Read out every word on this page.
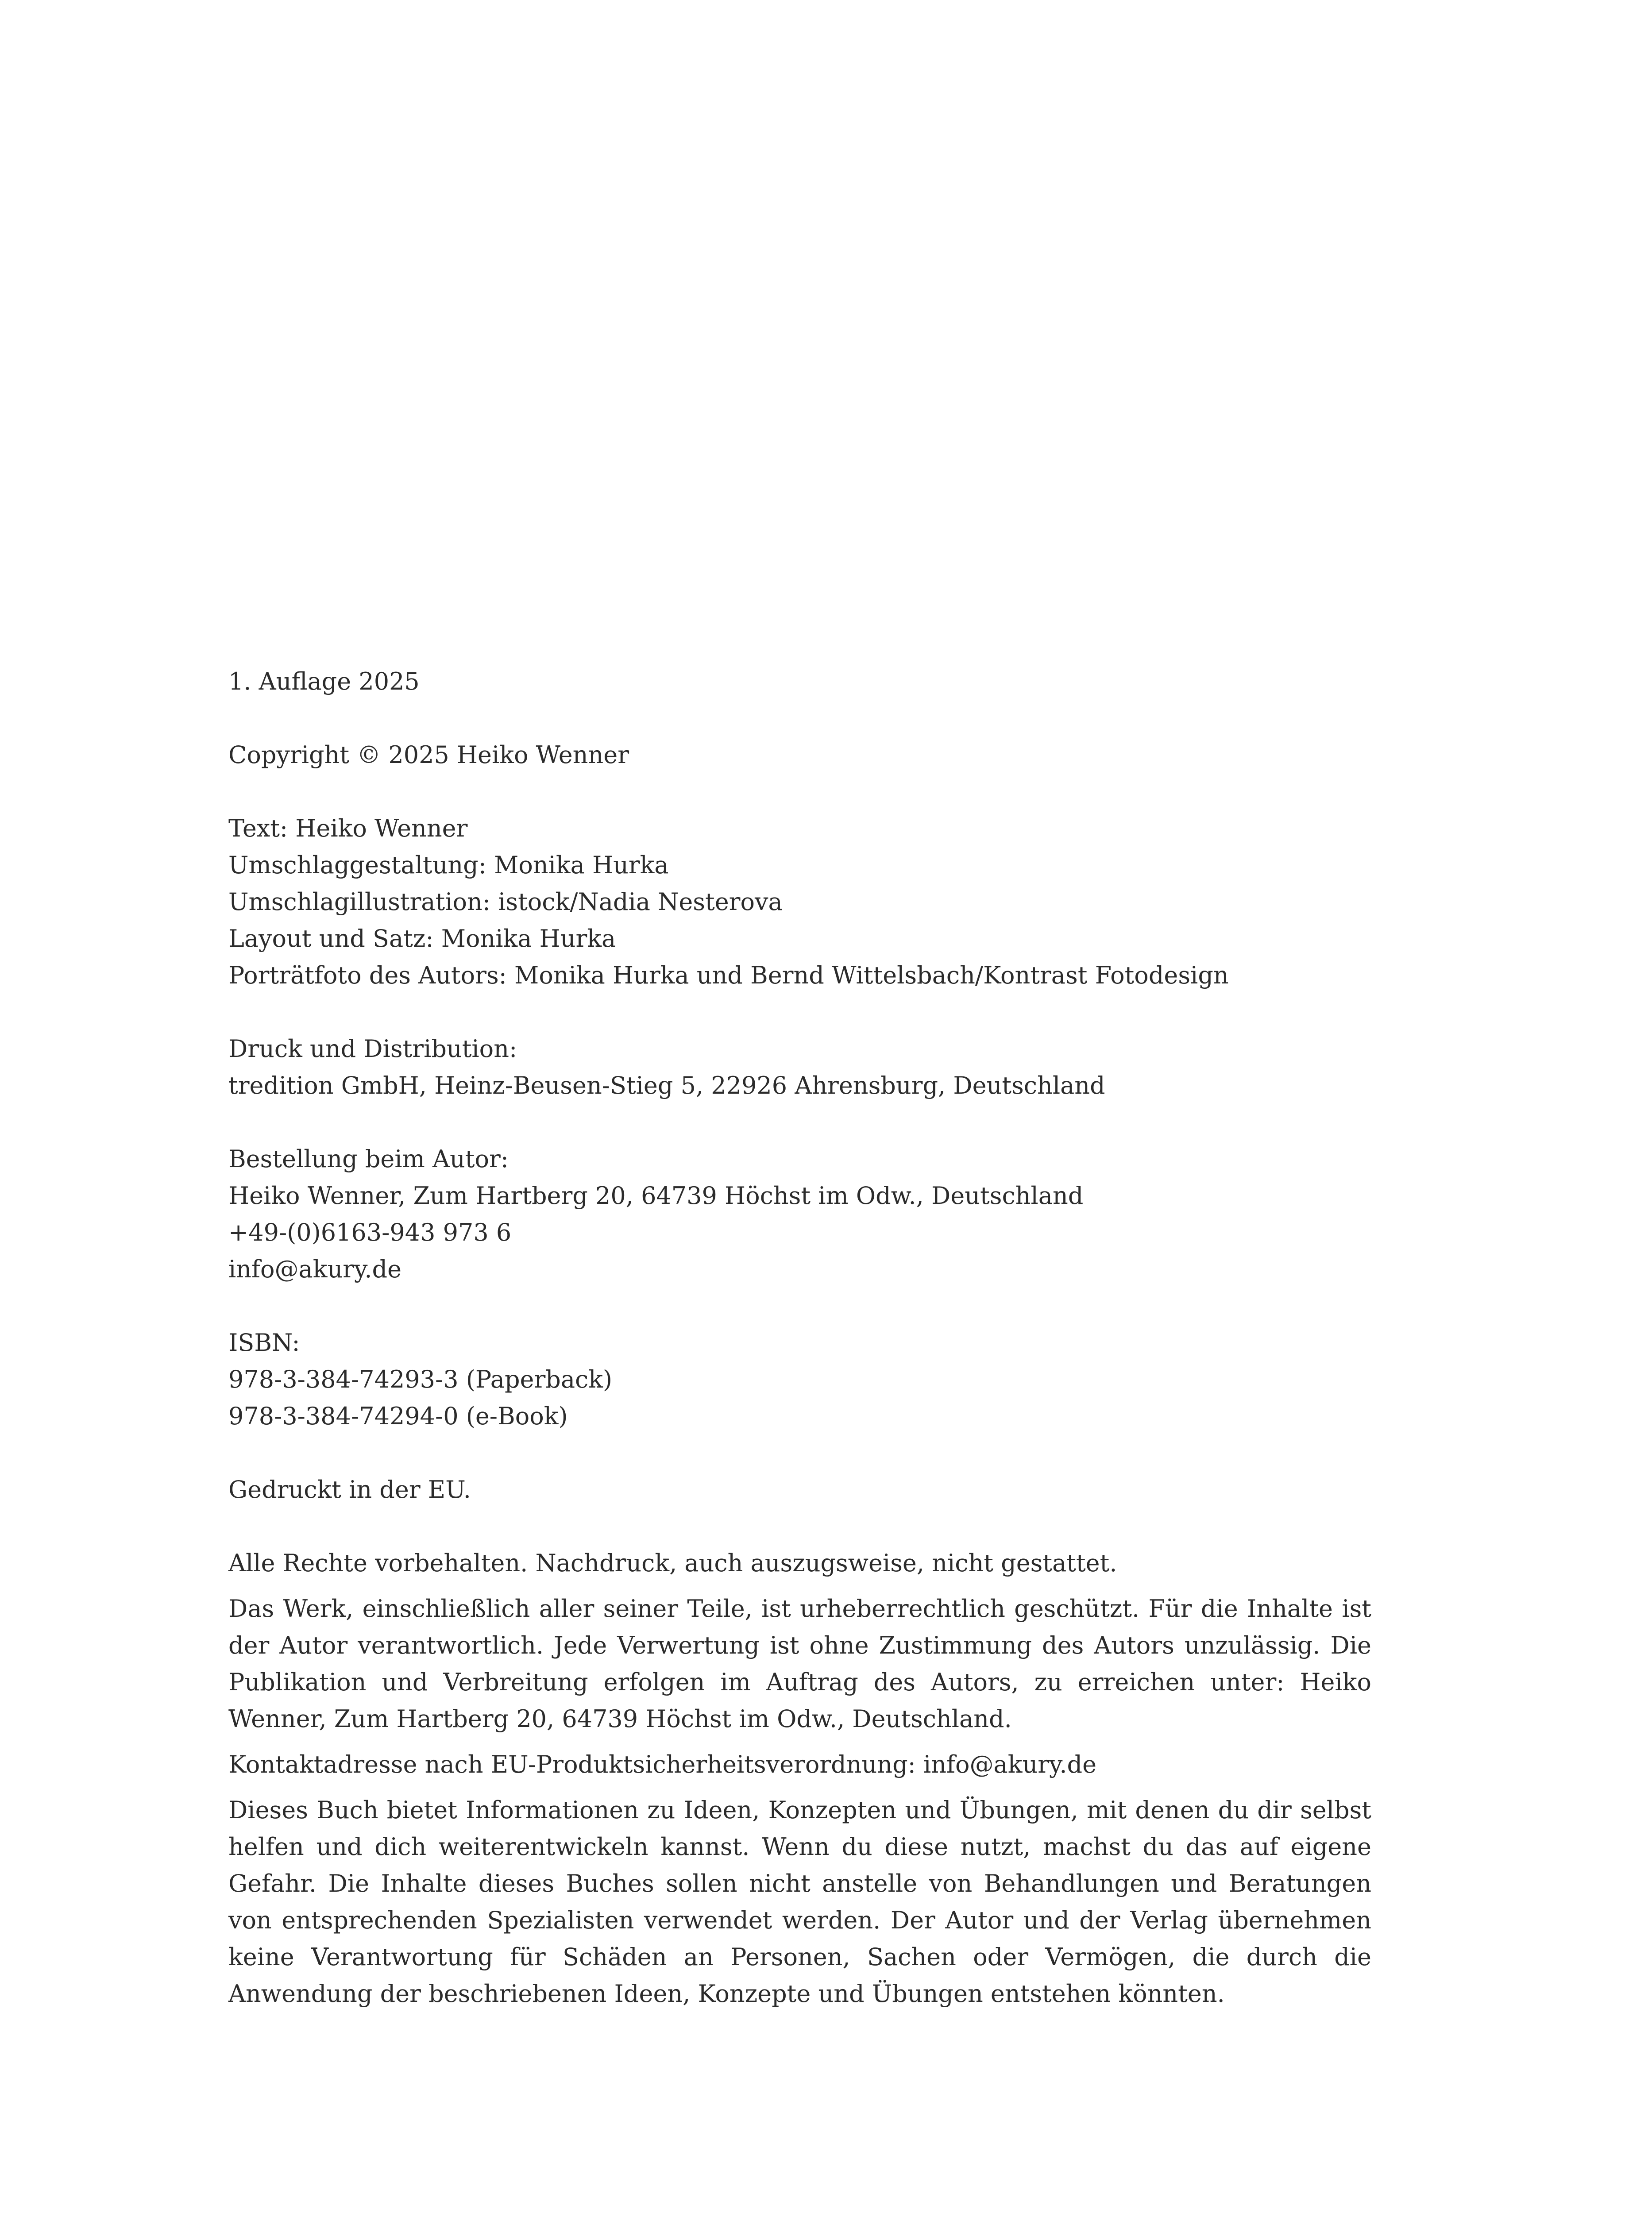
1. Auflage 2025
Copyright © 2025 Heiko Wenner
Text: Heiko Wenner
Umschlaggestaltung: Monika Hurka
Umschlagillustration: istock/Nadia Nesterova
Layout und Satz: Monika Hurka
Porträtfoto des Autors: Monika Hurka und Bernd Wittelsbach/Kontrast Fotodesign
Druck und Distribution:
tredition GmbH, Heinz-Beusen-Stieg 5, 22926 Ahrensburg, Deutschland
Bestellung beim Autor:
Heiko Wenner, Zum Hartberg 20, 64739 Höchst im Odw., Deutschland
+49-(0)6163-943 973 6
info@akury.de
ISBN:
978-3-384-74293-3 (Paperback)
978-3-384-74294-0 (e-Book)
Gedruckt in der EU.

Alle Rechte vorbehalten. Nachdruck, auch auszugsweise, nicht gestattet.

Das Werk, einschließlich aller seiner Teile, ist urheberrechtlich geschützt. Für die Inhalte ist der Autor verantwortlich. Jede Verwertung ist ohne Zustimmung des Autors unzulässig. Die Publikation und Verbreitung erfolgen im Auftrag des Autors, zu erreichen unter: Heiko Wenner, Zum Hartberg 20, 64739 Höchst im Odw., Deutschland.

Kontaktadresse nach EU-Produktsicherheitsverordnung: info@akury.de

Dieses Buch bietet Informationen zu Ideen, Konzepten und Übungen, mit denen du dir selbst helfen und dich weiterentwickeln kannst. Wenn du diese nutzt, machst du das auf eigene Gefahr. Die Inhalte dieses Buches sollen nicht anstelle von Behandlungen und Beratungen von entsprechenden Spezialisten verwendet werden. Der Autor und der Verlag übernehmen keine Verantwortung für Schäden an Personen, Sachen oder Vermögen, die durch die Anwendung der beschriebenen Ideen, Konzepte und Übungen entstehen könnten.
